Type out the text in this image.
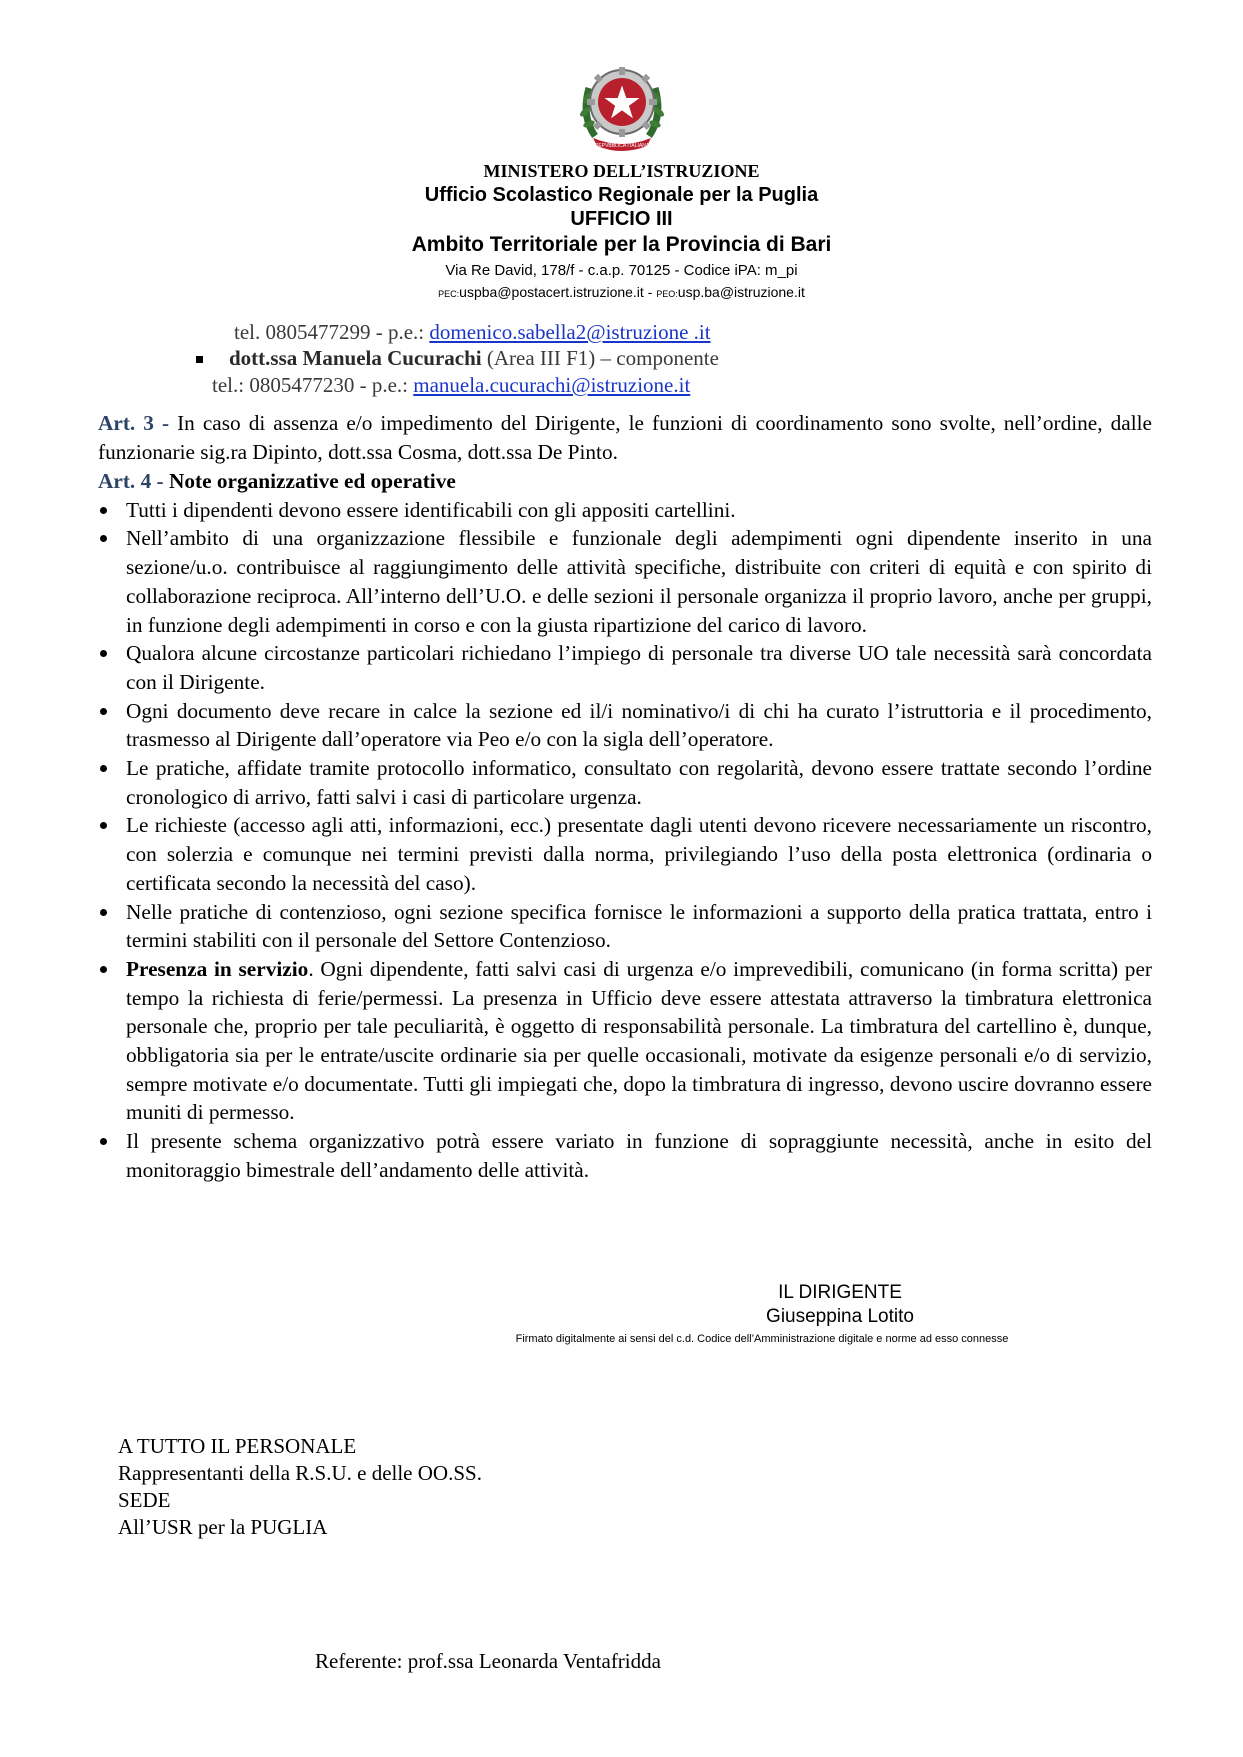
REPVBBLICA ITALIANA
MINISTERO DELL’ISTRUZIONE
Ufficio Scolastico Regionale per la Puglia
UFFICIO III
Ambito Territoriale per la Provincia di Bari
Via Re David, 178/f - c.a.p. 70125 - Codice iPA: m_pi
PEC:uspba@postacert.istruzione.it - PEO:usp.ba@istruzione.it
tel. 0805477299 - p.e.: domenico.sabella2@istruzione .it
dott.ssa Manuela Cucurachi (Area III F1) – componente
tel.: 0805477230 - p.e.: manuela.cucurachi@istruzione.it

Art. 3 - In caso di assenza e/o impedimento del Dirigente, le funzioni di coordinamento sono svolte, nell’ordine, dalle funzionarie sig.ra Dipinto, dott.ssa Cosma, dott.ssa De Pinto.

Art. 4 - Note organizzative ed operative

Tutti i dipendenti devono essere identificabili con gli appositi cartellini.
Nell’ambito di una organizzazione flessibile e funzionale degli adempimenti ogni dipendente inserito in una sezione/u.o. contribuisce al raggiungimento delle attività specifiche, distribuite con criteri di equità e con spirito di collaborazione reciproca. All’interno dell’U.O. e delle sezioni il personale organizza il proprio lavoro, anche per gruppi, in funzione degli adempimenti in corso e con la giusta ripartizione del carico di lavoro.
Qualora alcune circostanze particolari richiedano l’impiego di personale tra diverse UO tale necessità sarà concordata con il Dirigente.
Ogni documento deve recare in calce la sezione ed il/i nominativo/i di chi ha curato l’istruttoria e il procedimento, trasmesso al Dirigente dall’operatore via Peo e/o con la sigla dell’operatore.
Le pratiche, affidate tramite protocollo informatico, consultato con regolarità, devono essere trattate secondo l’ordine cronologico di arrivo, fatti salvi i casi di particolare urgenza.
Le richieste (accesso agli atti, informazioni, ecc.) presentate dagli utenti devono ricevere necessariamente un riscontro, con solerzia e comunque nei termini previsti dalla norma, privilegiando l’uso della posta elettronica (ordinaria o certificata secondo la necessità del caso).
Nelle pratiche di contenzioso, ogni sezione specifica fornisce le informazioni a supporto della pratica trattata, entro i termini stabiliti con il personale del Settore Contenzioso.
Presenza in servizio. Ogni dipendente, fatti salvi casi di urgenza e/o imprevedibili, comunicano (in forma scritta) per tempo la richiesta di ferie/permessi. La presenza in Ufficio deve essere attestata attraverso la timbratura elettronica personale che, proprio per tale peculiarità, è oggetto di responsabilità personale. La timbratura del cartellino è, dunque, obbligatoria sia per le entrate/uscite ordinarie sia per quelle occasionali, motivate da esigenze personali e/o di servizio, sempre motivate e/o documentate. Tutti gli impiegati che, dopo la timbratura di ingresso, devono uscire dovranno essere muniti di permesso.
Il presente schema organizzativo potrà essere variato in funzione di sopraggiunte necessità, anche in esito del monitoraggio bimestrale dell’andamento delle attività.
IL DIRIGENTE
Giuseppina Lotito
Firmato digitalmente ai sensi del c.d. Codice dell’Amministrazione digitale e norme ad esso connesse
A TUTTO IL PERSONALE
Rappresentanti della R.S.U. e delle OO.SS.
SEDE
All’USR per la PUGLIA
Referente: prof.ssa Leonarda Ventafridda
